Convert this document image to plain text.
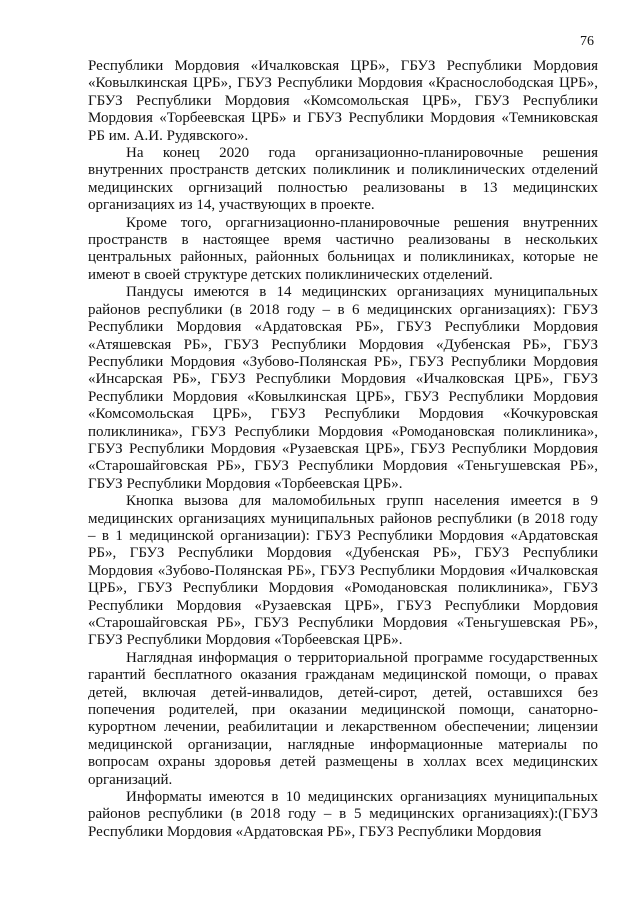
76

Республики Мордовия «Ичалковская ЦРБ», ГБУЗ Республики Мордовия «Ковылкинская ЦРБ», ГБУЗ Республики Мордовия «Краснослободская ЦРБ», ГБУЗ Республики Мордовия «Комсомольская ЦРБ», ГБУЗ Республики Мордовия «Торбеевская ЦРБ» и ГБУЗ Республики Мордовия «Темниковская РБ им. А.И. Рудявского».

На конец 2020 года организационно-планировочные решения внутренних пространств детских поликлиник и поликлинических отделений медицинских оргнизаций полностью реализованы в 13 медицинских организациях из 14, участвующих в проекте.

Кроме того, оргагнизационно-планировочные решения внутренних пространств в настоящее время частично реализованы в нескольких центральных районных, районных больницах и поликлиниках, которые не имеют в своей структуре детских поликлинических отделений.

Пандусы имеются в 14 медицинских организациях муниципальных районов республики (в 2018 году – в 6 медицинских организациях): ГБУЗ Республики Мордовия «Ардатовская РБ», ГБУЗ Республики Мордовия «Атяшевская РБ», ГБУЗ Республики Мордовия «Дубенская РБ», ГБУЗ Республики Мордовия «Зубово-Полянская РБ», ГБУЗ Республики Мордовия «Инсарская РБ», ГБУЗ Республики Мордовия «Ичалковская ЦРБ», ГБУЗ Республики Мордовия «Ковылкинская ЦРБ», ГБУЗ Республики Мордовия «Комсомольская ЦРБ», ГБУЗ Республики Мордовия «Кочкуровская поликлиника», ГБУЗ Республики Мордовия «Ромодановская поликлиника», ГБУЗ Республики Мордовия «Рузаевская ЦРБ», ГБУЗ Республики Мордовия «Старошайговская РБ», ГБУЗ Республики Мордовия «Теньгушевская РБ», ГБУЗ Республики Мордовия «Торбеевская ЦРБ».

Кнопка вызова для маломобильных групп населения имеется в 9 медицинских организациях муниципальных районов республики (в 2018 году – в 1 медицинской организации): ГБУЗ Республики Мордовия «Ардатовская РБ», ГБУЗ Республики Мордовия «Дубенская РБ», ГБУЗ Республики Мордовия «Зубово-Полянская РБ», ГБУЗ Республики Мордовия «Ичалковская ЦРБ», ГБУЗ Республики Мордовия «Ромодановская поликлиника», ГБУЗ Республики Мордовия «Рузаевская ЦРБ», ГБУЗ Республики Мордовия «Старошайговская РБ», ГБУЗ Республики Мордовия «Теньгушевская РБ», ГБУЗ Республики Мордовия «Торбеевская ЦРБ».

Наглядная информация о территориальной программе государственных гарантий бесплатного оказания гражданам медицинской помощи, о правах детей, включая детей-инвалидов, детей-сирот, детей, оставшихся без попечения родителей, при оказании медицинской помощи, санаторно-курортном лечении, реабилитации и лекарственном обеспечении; лицензии медицинской организации, наглядные информационные материалы по вопросам охраны здоровья детей размещены в холлах всех медицинских организаций.

Информаты имеются в 10 медицинских организациях муниципальных районов республики (в 2018 году – в 5 медицинских организациях):(ГБУЗ Республики Мордовия «Ардатовская РБ», ГБУЗ Республики Мордовия
